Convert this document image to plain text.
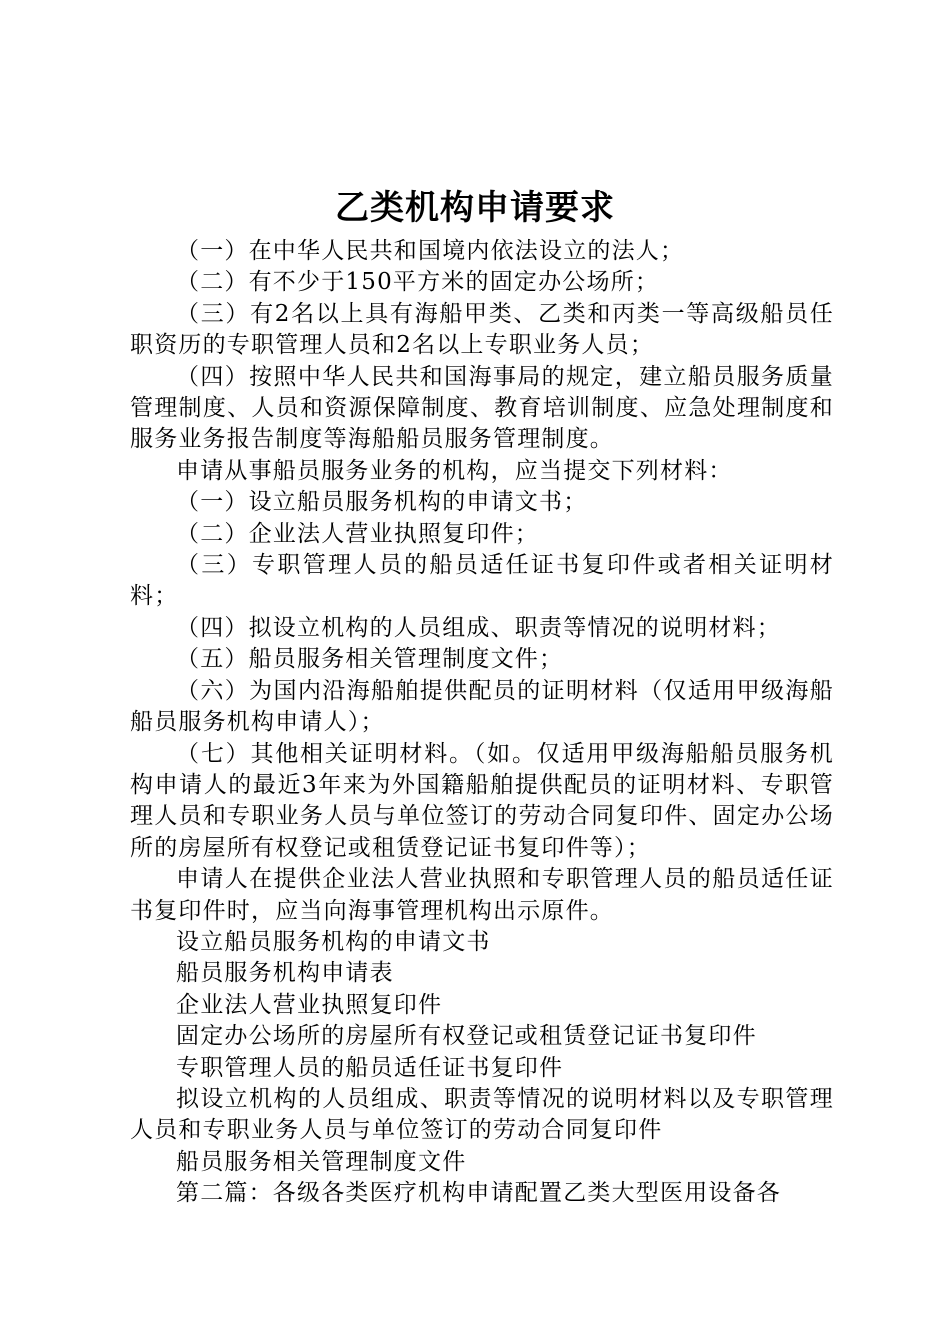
乙类机构申请要求

（一）在中华人民共和国境内依法设立的法人；

（二）有不少于150平方米的固定办公场所；

（三）有2名以上具有海船甲类、乙类和丙类一等高级船员任职资历的专职管理人员和2名以上专职业务人员；

（四）按照中华人民共和国海事局的规定，建立船员服务质量管理制度、人员和资源保障制度、教育培训制度、应急处理制度和服务业务报告制度等海船船员服务管理制度。

申请从事船员服务业务的机构，应当提交下列材料：

（一）设立船员服务机构的申请文书；

（二）企业法人营业执照复印件；

（三）专职管理人员的船员适任证书复印件或者相关证明材料；

（四）拟设立机构的人员组成、职责等情况的说明材料；

（五）船员服务相关管理制度文件；

（六）为国内沿海船舶提供配员的证明材料（仅适用甲级海船船员服务机构申请人）；

（七）其他相关证明材料。（如。仅适用甲级海船船员服务机构申请人的最近3年来为外国籍船舶提供配员的证明材料、专职管理人员和专职业务人员与单位签订的劳动合同复印件、固定办公场所的房屋所有权登记或租赁登记证书复印件等）；

申请人在提供企业法人营业执照和专职管理人员的船员适任证书复印件时，应当向海事管理机构出示原件。

设立船员服务机构的申请文书

船员服务机构申请表

企业法人营业执照复印件

固定办公场所的房屋所有权登记或租赁登记证书复印件

专职管理人员的船员适任证书复印件

拟设立机构的人员组成、职责等情况的说明材料以及专职管理人员和专职业务人员与单位签订的劳动合同复印件

船员服务相关管理制度文件

第二篇：各级各类医疗机构申请配置乙类大型医用设备各
